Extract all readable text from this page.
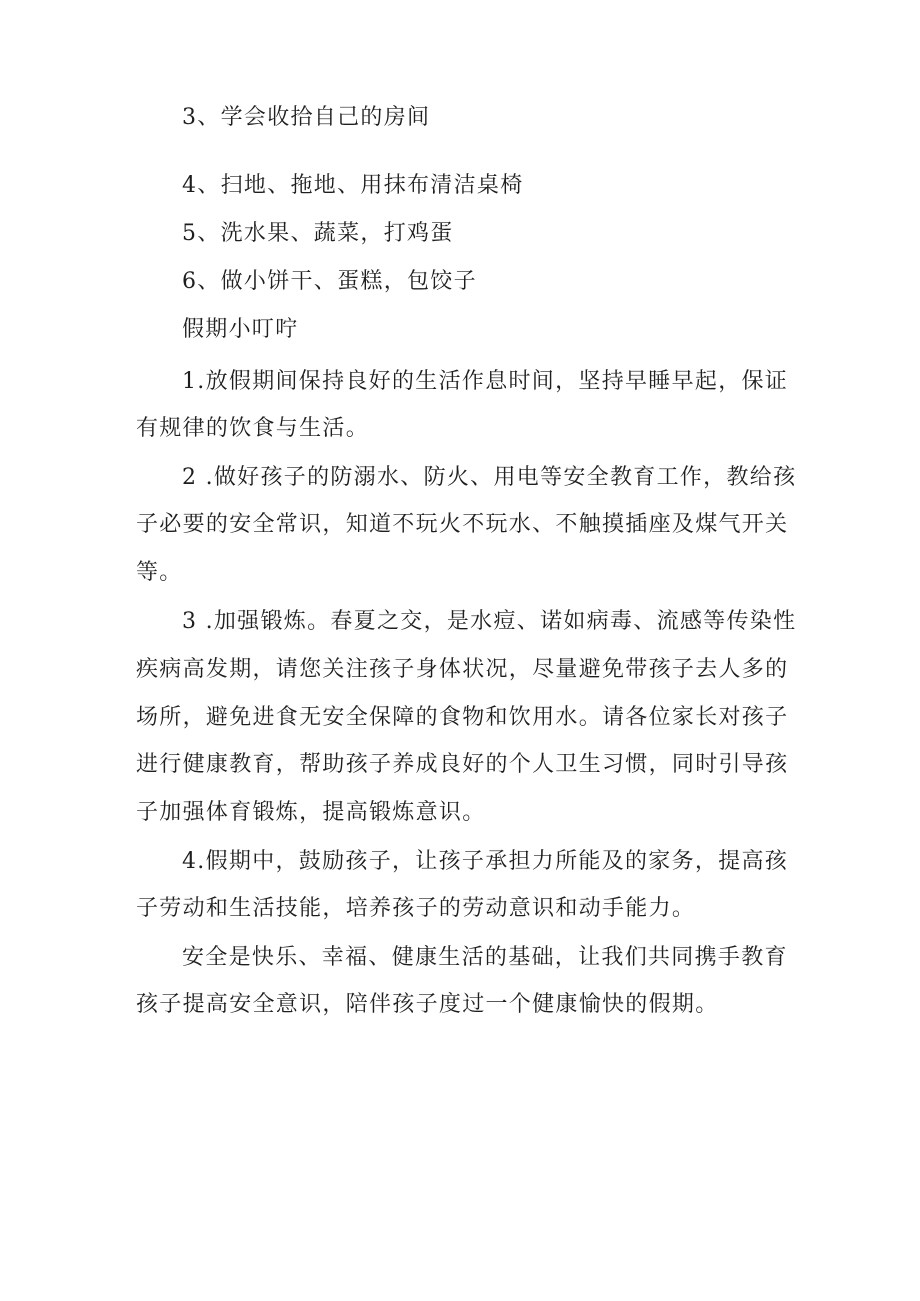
3、学会收拾自己的房间
4、扫地、拖地、用抹布清洁桌椅
5、洗水果、蔬菜，打鸡蛋
6、做小饼干、蛋糕，包饺子
假期小叮咛
1.放假期间保持良好的生活作息时间，坚持早睡早起，保证
有规律的饮食与生活。
2 .做好孩子的防溺水、防火、用电等安全教育工作，教给孩
子必要的安全常识，知道不玩火不玩水、不触摸插座及煤气开关
等。
3 .加强锻炼。春夏之交，是水痘、诺如病毒、流感等传染性
疾病高发期，请您关注孩子身体状况，尽量避免带孩子去人多的
场所，避免进食无安全保障的食物和饮用水。请各位家长对孩子
进行健康教育，帮助孩子养成良好的个人卫生习惯，同时引导孩
子加强体育锻炼，提高锻炼意识。
4.假期中，鼓励孩子，让孩子承担力所能及的家务，提高孩
子劳动和生活技能，培养孩子的劳动意识和动手能力。
安全是快乐、幸福、健康生活的基础，让我们共同携手教育
孩子提高安全意识，陪伴孩子度过一个健康愉快的假期。
